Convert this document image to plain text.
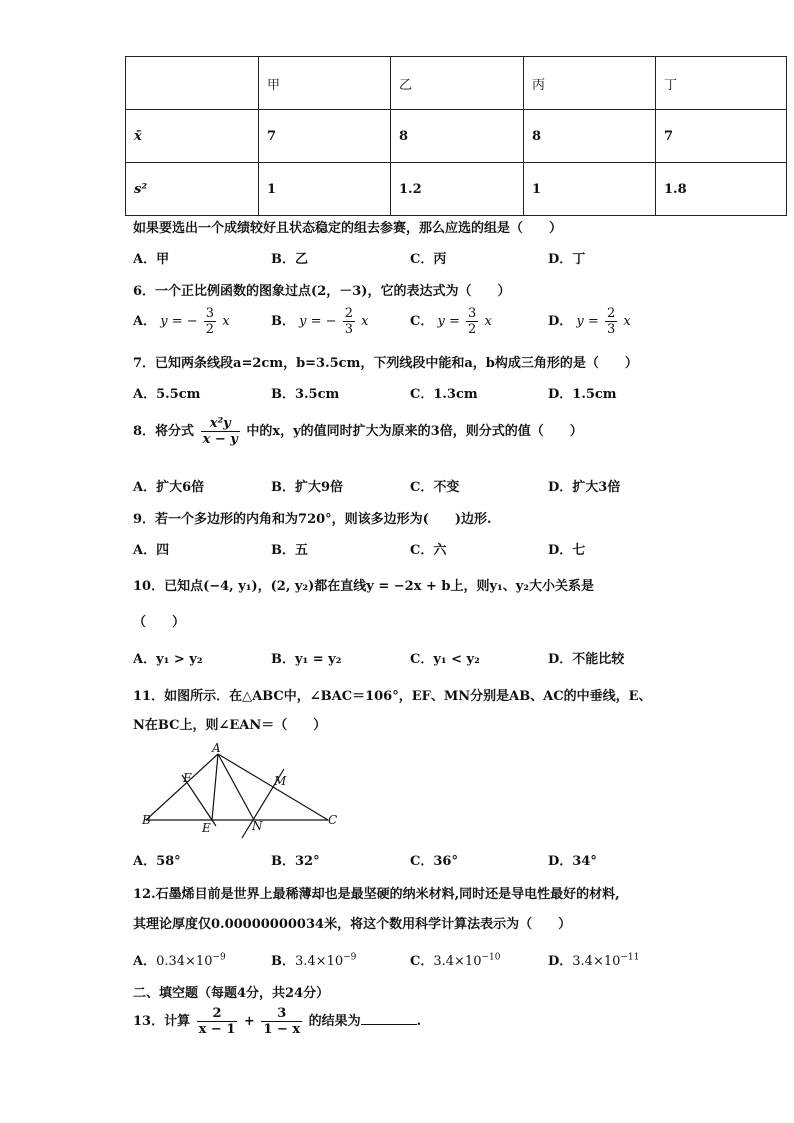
	甲	乙	丙	丁
x̄	7	8	8	7
s²	1	1.2	1	1.8
如果要选出一个成绩较好且状态稳定的组去参赛，那么应选的组是（　　）
A．甲	B．乙	C．丙	D．丁
6．一个正比例函数的图象过点(2，－3)，它的表达式为（　　）
A． y = − $\frac{3}{2}$ x	B． y = − $\frac{2}{3}$ x	C． $y = \frac{3}{2}$ x	D． $y = \frac{2}{3}$ x
7．已知两条线段a=2cm，b=3.5cm，下列线段中能和a，b构成三角形的是（　　）
A．5.5cm	B．3.5cm	C．1.3cm	D．1.5cm
8．将分式 $\frac{\text{x²y}}{x - y}$ 中的x，y的值同时扩大为原来的3倍，则分式的值（　　）
A．扩大6倍	B．扩大9倍	C．不变	D．扩大3倍
9．若一个多边形的内角和为720°，则该多边形为(　　)边形.
A．四	B．五	C．六	D．七
10．已知点(−4, y₁)，(2, y₂)都在直线y = −2x + b上，则y₁、y₂大小关系是
（　　）
A．y₁ > y₂	B．y₁ = y₂	C．y₁ < y₂	D．不能比较
11．如图所示．在△ABC中，∠BAC＝106°，EF、MN分别是AB、AC的中垂线，E、
N在BC上，则∠EAN＝（　　）
A
F	M
B
E	N	C
A．58°	B．32°	C．36°	D．34°
12.石墨烯目前是世界上最稀薄却也是最坚硬的纳米材料,同时还是导电性最好的材料,
其理论厚度仅0.00000000034米，将这个数用科学计算法表示为（　　）
A．$0.34\times 10^{-9}$	B．$3.4\times 10^{-9}$	C．$3.4\times 10^{-10}$	D．$3.4\times 10^{-11}$
二、填空题（每题4分，共24分）
13．计算 $\frac{2}{x - 1} + \frac{3}{1 - x}$ 的结果为	.
